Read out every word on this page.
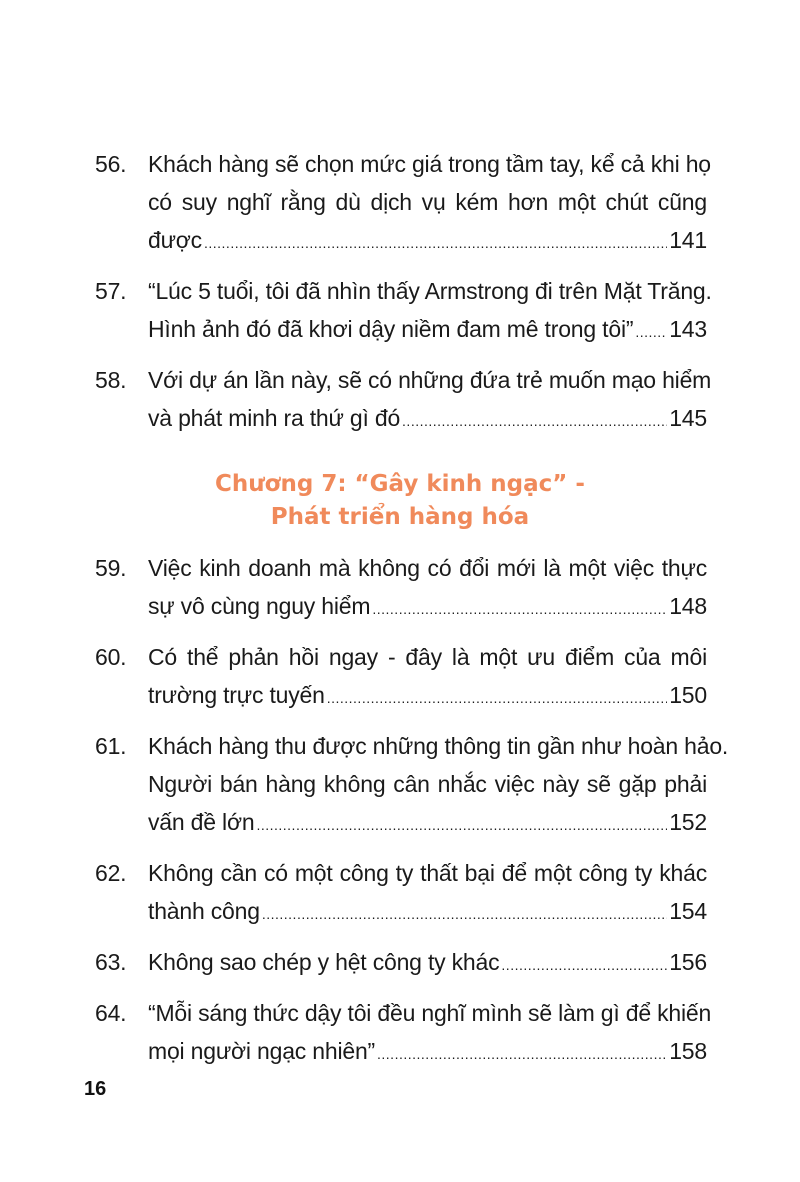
56. Khách hàng sẽ chọn mức giá trong tầm tay, kể cả khi họ
có suy nghĩ rằng dù dịch vụ kém hơn một chút cũng
được .....	141
57. “Lúc 5 tuổi, tôi đã nhìn thấy Armstrong đi trên Mặt Trăng.
Hình ảnh đó đã khơi dậy niềm đam mê trong tôi” ..... 143
58. Với dự án lần này, sẽ có những đứa trẻ muốn mạo hiểm
và phát minh ra thứ gì đó .....	145
Chương 7: “Gây kinh ngạc” -
Phát triển hàng hóa
59. Việc kinh doanh mà không có đổi mới là một việc thực
sự vô cùng nguy hiểm .....	148
60. Có thể phản hồi ngay - đây là một ưu điểm của môi
trường trực tuyến .....	150
61. Khách hàng thu được những thông tin gần như hoàn hảo.
Người bán hàng không cân nhắc việc này sẽ gặp phải
vấn đề lớn .....	152
62. Không cần có một công ty thất bại để một công ty khác
thành công .....	154
63. Không sao chép y hệt công ty khác .....	156
64. “Mỗi sáng thức dậy tôi đều nghĩ mình sẽ làm gì để khiến
mọi người ngạc nhiên” .....	158
16
